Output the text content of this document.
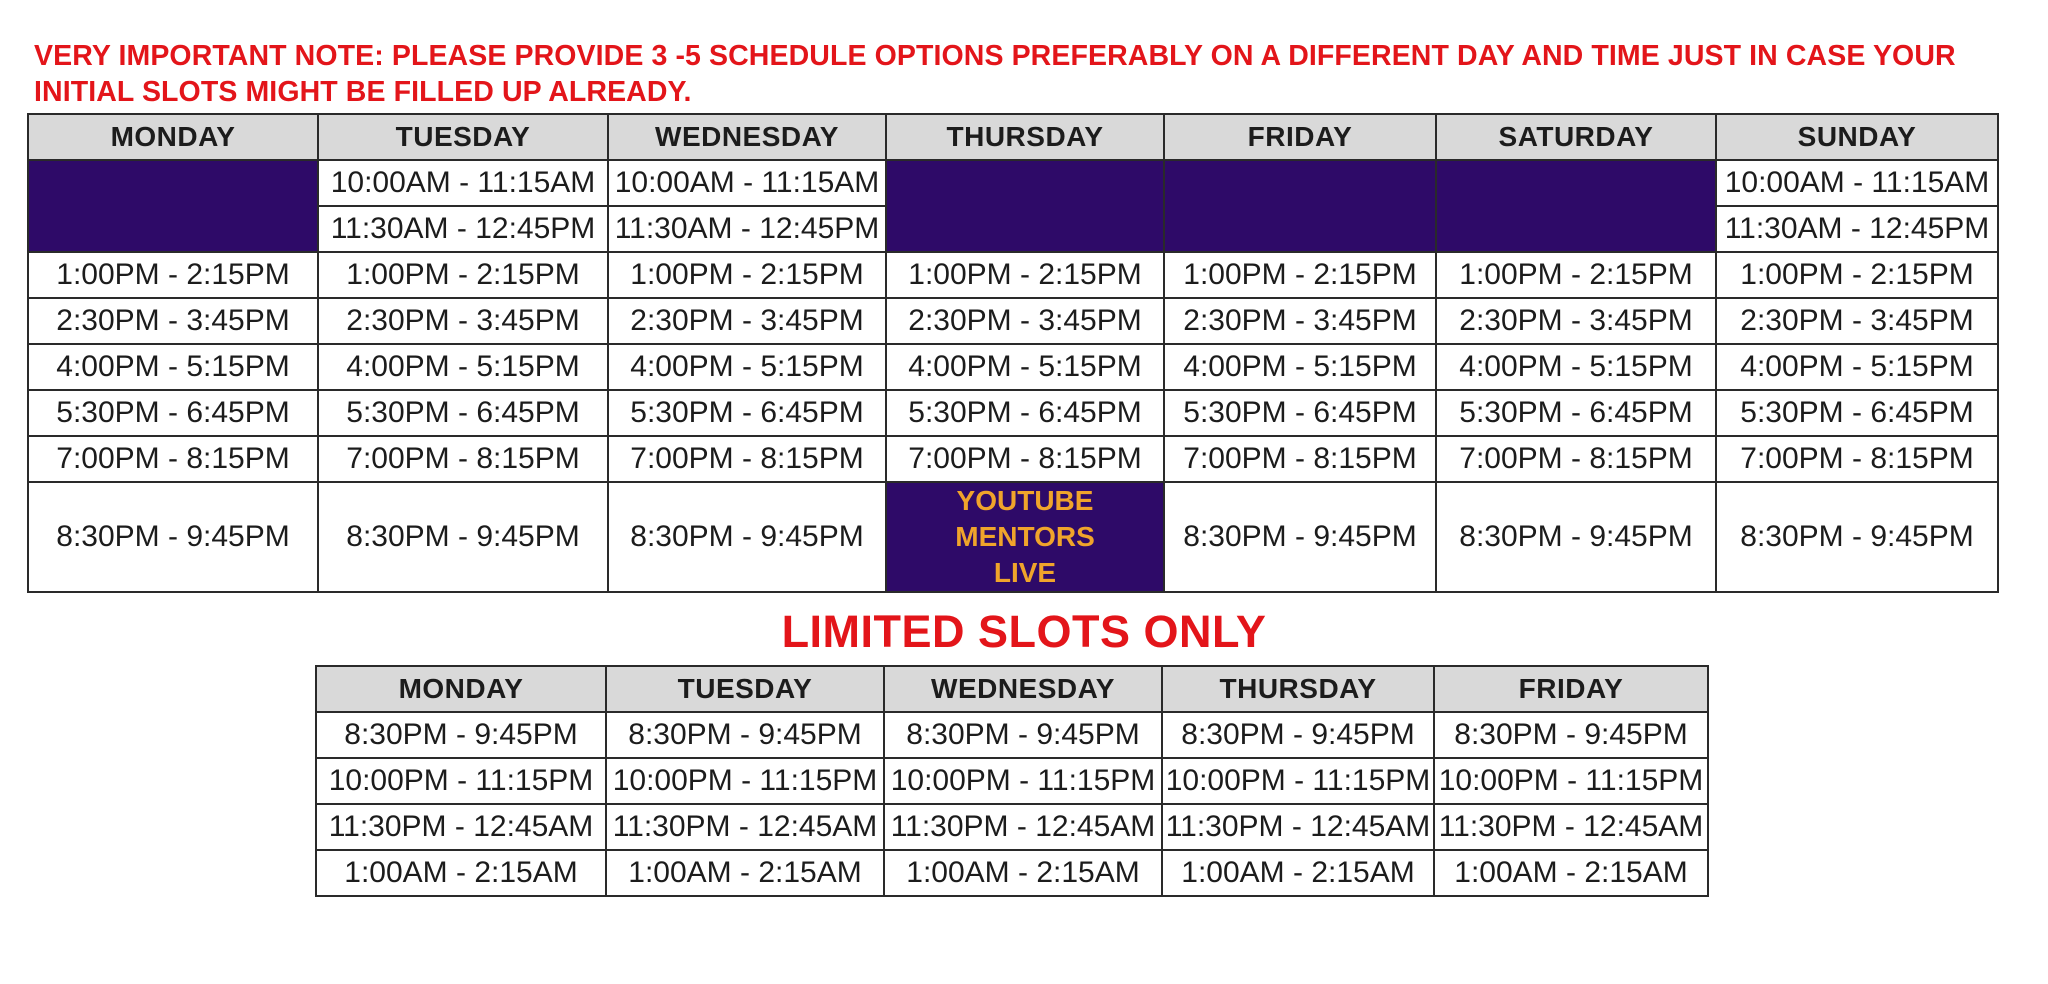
VERY IMPORTANT NOTE: PLEASE PROVIDE 3 -5 SCHEDULE OPTIONS PREFERABLY ON A DIFFERENT DAY AND TIME JUST IN CASE YOUR INITIAL SLOTS MIGHT BE FILLED UP ALREADY.
MONDAY	TUESDAY	WEDNESDAY	THURSDAY	FRIDAY	SATURDAY	SUNDAY
	10:00AM - 11:15AM	10:00AM - 11:15AM				10:00AM - 11:15AM
	11:30AM - 12:45PM	11:30AM - 12:45PM				11:30AM - 12:45PM
1:00PM - 2:15PM	1:00PM - 2:15PM	1:00PM - 2:15PM	1:00PM - 2:15PM	1:00PM - 2:15PM	1:00PM - 2:15PM	1:00PM - 2:15PM
2:30PM - 3:45PM	2:30PM - 3:45PM	2:30PM - 3:45PM	2:30PM - 3:45PM	2:30PM - 3:45PM	2:30PM - 3:45PM	2:30PM - 3:45PM
4:00PM - 5:15PM	4:00PM - 5:15PM	4:00PM - 5:15PM	4:00PM - 5:15PM	4:00PM - 5:15PM	4:00PM - 5:15PM	4:00PM - 5:15PM
5:30PM - 6:45PM	5:30PM - 6:45PM	5:30PM - 6:45PM	5:30PM - 6:45PM	5:30PM - 6:45PM	5:30PM - 6:45PM	5:30PM - 6:45PM
7:00PM - 8:15PM	7:00PM - 8:15PM	7:00PM - 8:15PM	7:00PM - 8:15PM	7:00PM - 8:15PM	7:00PM - 8:15PM	7:00PM - 8:15PM
8:30PM - 9:45PM	8:30PM - 9:45PM	8:30PM - 9:45PM	YOUTUBE MENTORS LIVE	8:30PM - 9:45PM	8:30PM - 9:45PM	8:30PM - 9:45PM
LIMITED SLOTS ONLY
MONDAY	TUESDAY	WEDNESDAY	THURSDAY	FRIDAY
8:30PM - 9:45PM	8:30PM - 9:45PM	8:30PM - 9:45PM	8:30PM - 9:45PM	8:30PM - 9:45PM
10:00PM - 11:15PM	10:00PM - 11:15PM	10:00PM - 11:15PM	10:00PM - 11:15PM	10:00PM - 11:15PM
11:30PM - 12:45AM	11:30PM - 12:45AM	11:30PM - 12:45AM	11:30PM - 12:45AM	11:30PM - 12:45AM
1:00AM - 2:15AM	1:00AM - 2:15AM	1:00AM - 2:15AM	1:00AM - 2:15AM	1:00AM - 2:15AM
